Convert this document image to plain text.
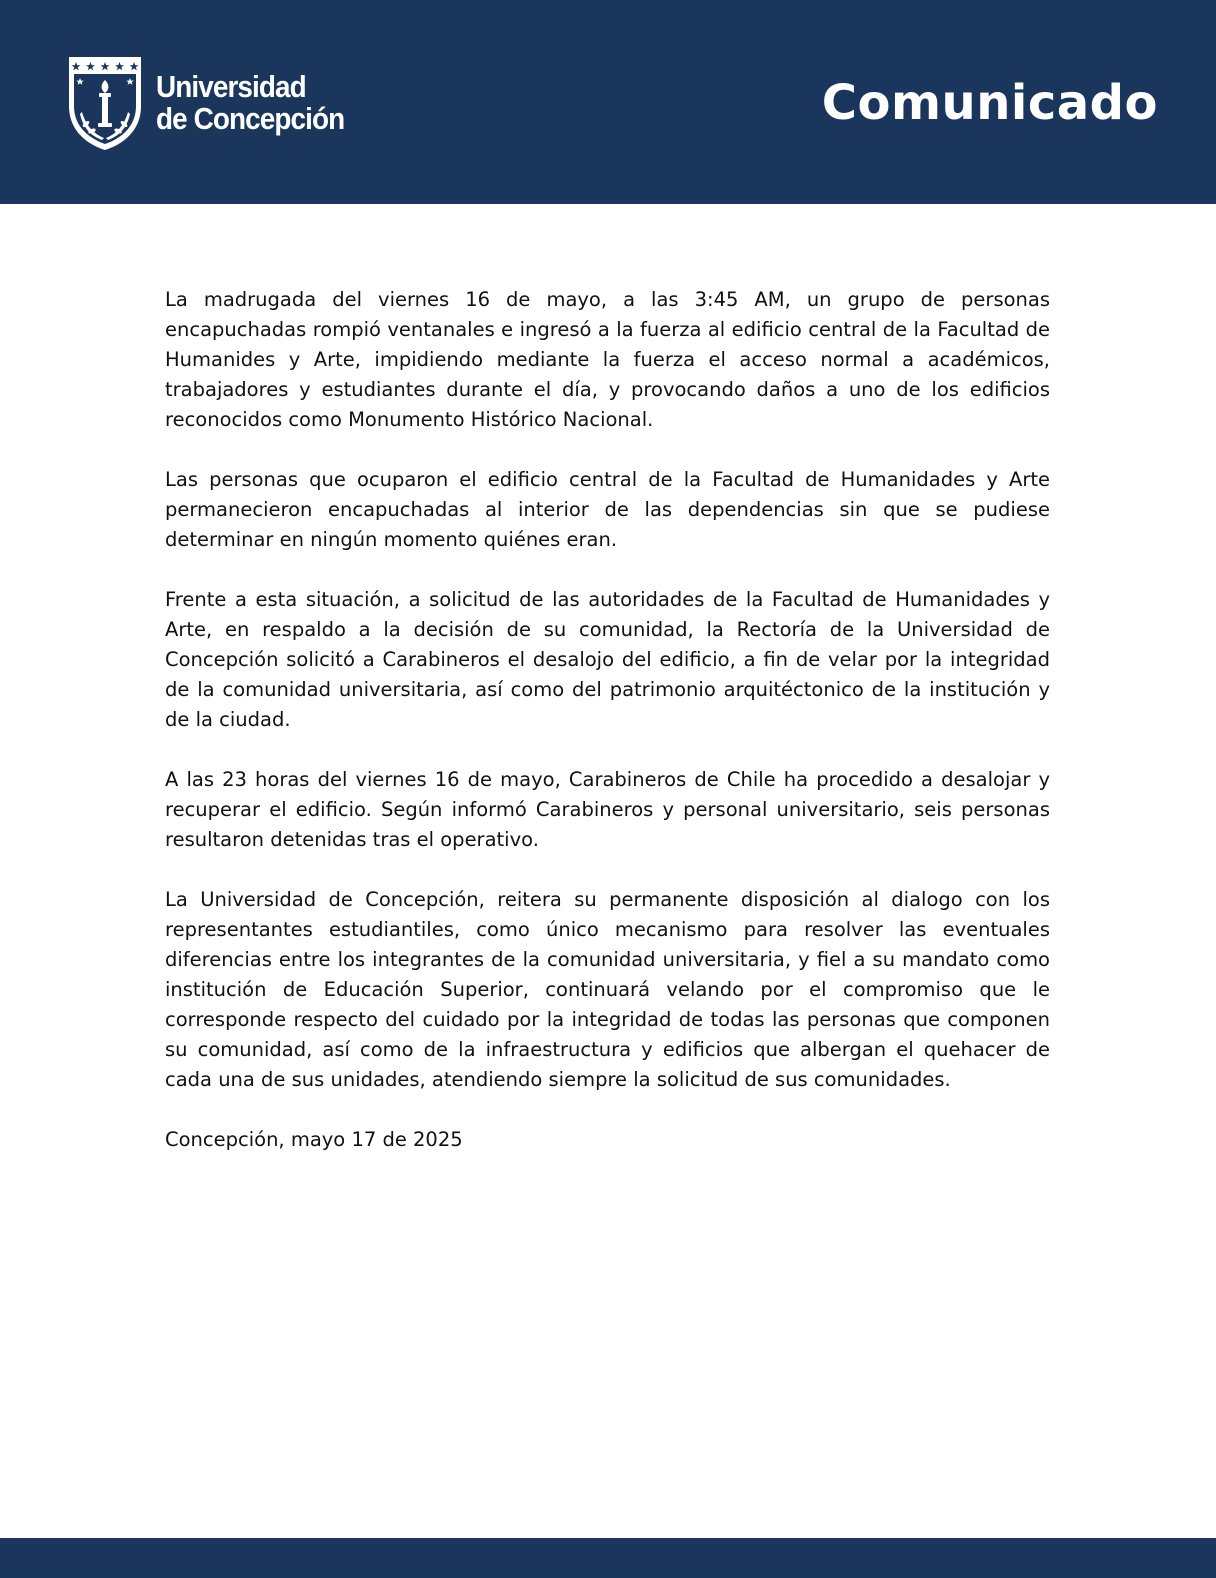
Universidad
de Concepción	Comunicado

La madrugada del viernes 16 de mayo, a las 3:45 AM, un grupo de personas encapuchadas rompió ventanales e ingresó a la fuerza al edificio central de la Facultad de Humanides y Arte, impidiendo mediante la fuerza el acceso normal a académicos, trabajadores y estudiantes durante el día, y provocando daños a uno de los edificios reconocidos como Monumento Histórico Nacional.

Las personas que ocuparon el edificio central de la Facultad de Humanidades y Arte permanecieron encapuchadas al interior de las dependencias sin que se pudiese determinar en ningún momento quiénes eran.

Frente a esta situación, a solicitud de las autoridades de la Facultad de Humanidades y Arte, en respaldo a la decisión de su comunidad, la Rectoría de la Universidad de Concepción solicitó a Carabineros el desalojo del edificio, a fin de velar por la integridad de la comunidad universitaria, así como del patrimonio arquitéctonico de la institución y de la ciudad.

A las 23 horas del viernes 16 de mayo, Carabineros de Chile ha procedido a desalojar y recuperar el edificio. Según informó Carabineros y personal universitario, seis personas resultaron detenidas tras el operativo.

La Universidad de Concepción, reitera su permanente disposición al dialogo con los representantes estudiantiles, como único mecanismo para resolver las eventuales diferencias entre los integrantes de la comunidad universitaria, y fiel a su mandato como institución de Educación Superior, continuará velando por el compromiso que le corresponde respecto del cuidado por la integridad de todas las personas que componen su comunidad, así como de la infraestructura y edificios que albergan el quehacer de cada una de sus unidades, atendiendo siempre la solicitud de sus comunidades.

Concepción, mayo 17 de 2025
